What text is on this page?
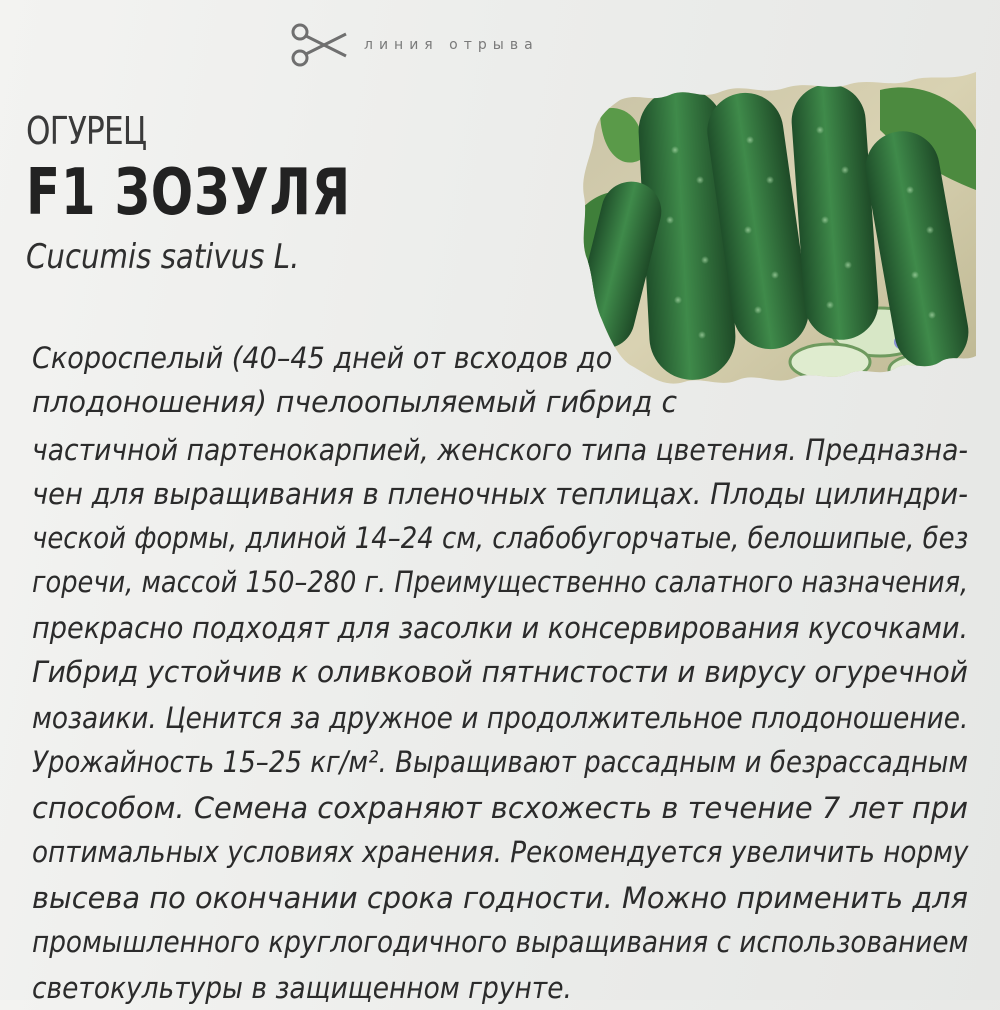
линия отрыва
ОГУРЕЦ
F1 ЗОЗУЛЯ
Cucumis sativus L.
Скороспелый (40–45 дней от всходов до
плодоношения) пчелоопыляемый гибрид с
частичной партенокарпией, женского типа цветения. Предназна-
чен для выращивания в пленочных теплицах. Плоды цилиндри-
ческой формы, длиной 14–24 см, слабобугорчатые, белошипые, без
горечи, массой 150–280 г. Преимущественно салатного назначения,
прекрасно подходят для засолки и консервирования кусочками.
Гибрид устойчив к оливковой пятнистости и вирусу огуречной
мозаики. Ценится за дружное и продолжительное плодоношение.
Урожайность 15–25 кг/м². Выращивают рассадным и безрассадным
способом. Семена сохраняют всхожесть в течение 7 лет при
оптимальных условиях хранения. Рекомендуется увеличить норму
высева по окончании срока годности. Можно применить для
промышленного круглогодичного выращивания с использованием
светокультуры в защищенном грунте.
